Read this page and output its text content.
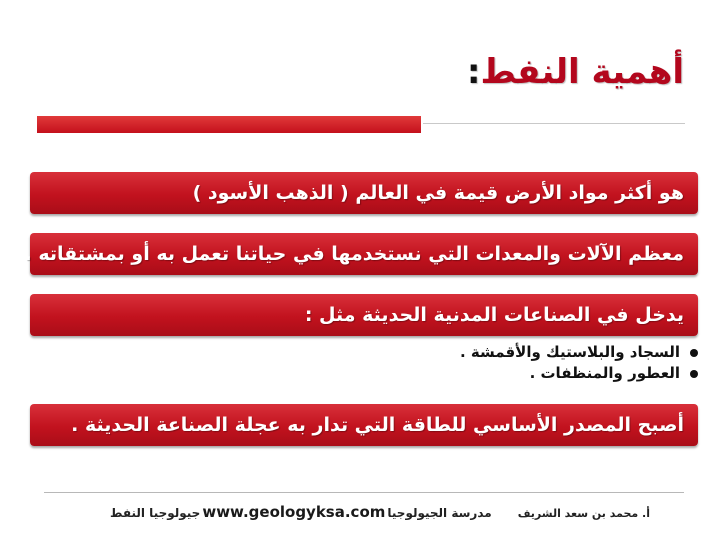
أهمية النفط:
هو أكثر مواد الأرض قيمة في العالم ( الذهب الأسود )
معظم الآلات والمعدات التي نستخدمها في حياتنا تعمل به أو بمشتقاته .
يدخل في الصناعات المدنية الحديثة مثل :
السجاد والبلاستيك والأقمشة .
العطور والمنظفات .
أصبح المصدر الأساسي للطاقة التي تدار به عجلة الصناعة الحديثة .
أ. محمد بن سعد الشريف
جيولوجيا النفط www.geologyksa.com مدرسة الجيولوجيا
